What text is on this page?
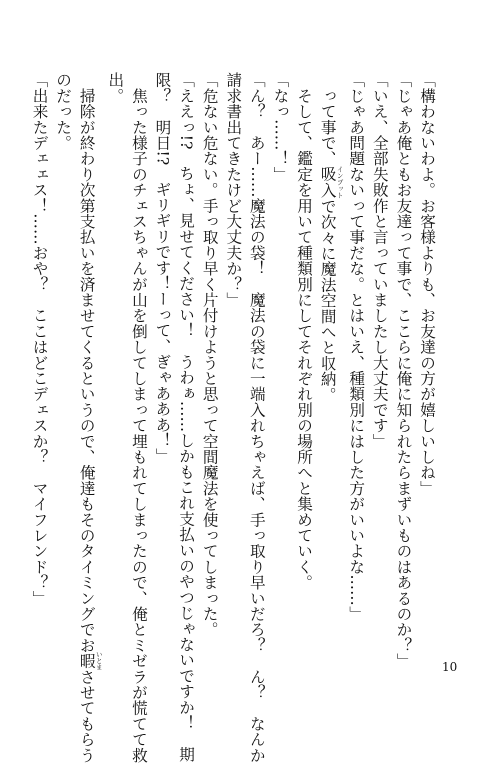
「構わないわよ。お客様よりも、お友達の方が嬉しいしね」
「じゃあ俺ともお友達って事で、ここらに俺に知られたらまずいものはあるのか？」
「いえ、全部失敗作と言っていましたし大丈夫です」
「じゃあ問題ないって事だな。とはいえ、種類別にはした方がいいよな……」
　って事で、吸入 インプットで次々に魔法空間へと収納。
　そして、鑑定を用いて種類別にしてそれぞれ別の場所へと集めていく。
「なっ……！」
「ん？　あー……魔法の袋！　魔法の袋に一端入れちゃえば、手っ取り早いだろ？　ん？　なんか
請求書出てきたけど大丈夫か？」
「危ない危ない。手っ取り早く片付けようと思って空間魔法を使ってしまった。
「ええっ!?　ちょ、見せてください！　うわぁ……しかもこれ支払いのやつじゃないですか！　期
限？　明日!?　ギリギリです！ーって、ぎゃあああ！」
　焦った様子のチェスちゃんが山を倒してしまって埋もれてしまったので、俺とミゼラが慌てて救
出。
　掃除が終わり次第支払いを済ませてくるというので、俺達もそのタイミングでお暇 いとまさせてもらう
のだった。
「出来たデェェス！……おや？　ここはどこデェスか？　マイフレンド？」
10
